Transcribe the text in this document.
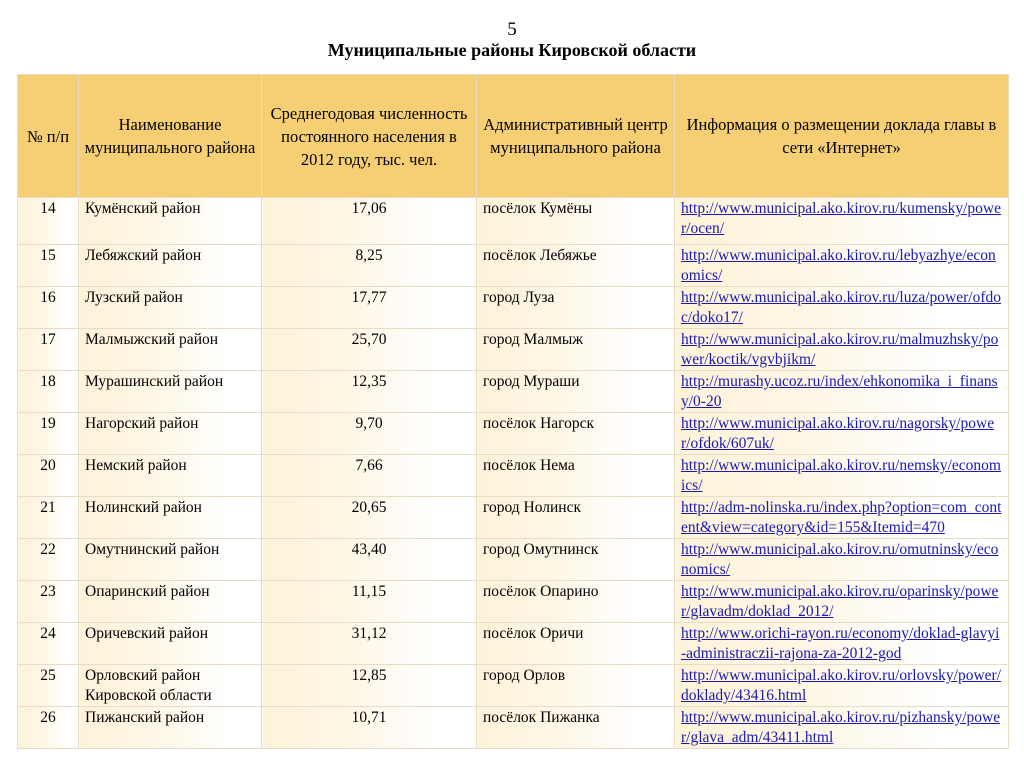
5
Муниципальные районы Кировской области
№ п/п	Наименование муниципального района	Среднегодовая численность постоянного населения в 2012 году, тыс. чел.	Административный центр муниципального района	Информация о размещении доклада главы в сети «Интернет»
14	Кумёнский район	17,06	посёлок Кумёны	http://www.municipal.ako.kirov.ru/kumensky/power/ocen/
15	Лебяжский район	8,25	посёлок Лебяжье	http://www.municipal.ako.kirov.ru/lebyazhye/economics/
16	Лузский район	17,77	город Луза	http://www.municipal.ako.kirov.ru/luza/power/ofdoc/doko17/
17	Малмыжский район	25,70	город Малмыж	http://www.municipal.ako.kirov.ru/malmuzhsky/power/koctik/vgvbjikm/
18	Мурашинский район	12,35	город Мураши	http://murashy.ucoz.ru/index/ehkonomika_i_finansy/0-20
19	Нагорский район	9,70	посёлок Нагорск	http://www.municipal.ako.kirov.ru/nagorsky/power/ofdok/607uk/
20	Немский район	7,66	посёлок Нема	http://www.municipal.ako.kirov.ru/nemsky/economics/
21	Нолинский район	20,65	город Нолинск	http://adm-nolinska.ru/index.php?option=com_content&view=category&id=155&Itemid=470
22	Омутнинский район	43,40	город Омутнинск	http://www.municipal.ako.kirov.ru/omutninsky/economics/
23	Опаринский район	11,15	посёлок Опарино	http://www.municipal.ako.kirov.ru/oparinsky/power/glavadm/doklad_2012/
24	Оричевский район	31,12	посёлок Оричи	http://www.orichi-rayon.ru/economy/doklad-glavyi-administraczii-rajona-za-2012-god
25	Орловский район Кировской области	12,85	город Орлов	http://www.municipal.ako.kirov.ru/orlovsky/power/doklady/43416.html
26	Пижанский район	10,71	посёлок Пижанка	http://www.municipal.ako.kirov.ru/pizhansky/power/glava_adm/43411.html
